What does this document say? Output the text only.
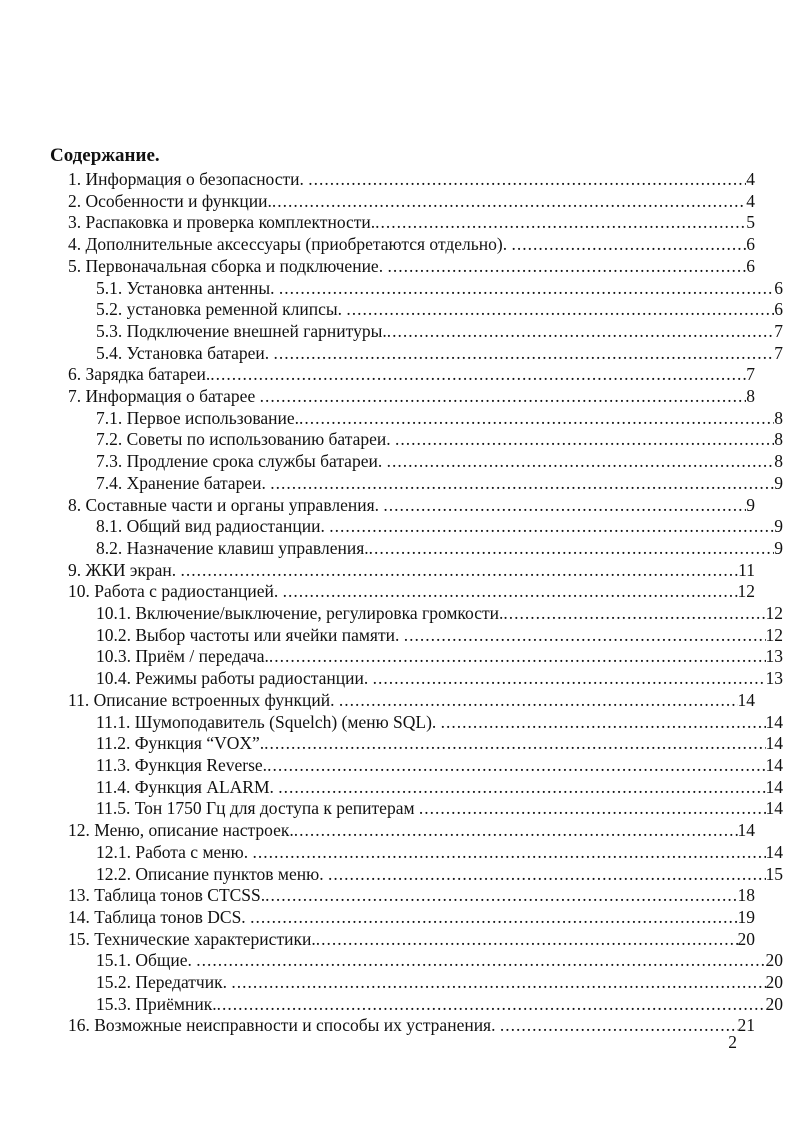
Содержание.
1. Информация о безопасности. .....	4
2. Особенности и функции. .....	4
3. Распаковка и проверка комплектности. .....	5
4. Дополнительные аксессуары (приобретаются отдельно). .....	6
5. Первоначальная сборка и подключение. .....	6
5.1. Установка антенны. .....	6
5.2. установка ременной клипсы. .....	6
5.3. Подключение внешней гарнитуры. .....	7
5.4. Установка батареи. .....	7
6. Зарядка батареи. .....	7
7. Информация о батарее .....	8
7.1. Первое использование. .....	8
7.2. Советы по использованию батареи. .....	8
7.3. Продление срока службы батареи. .....	8
7.4. Хранение батареи. .....	9
8. Составные части и органы управления. .....	9
8.1. Общий вид радиостанции. .....	9
8.2. Назначение клавиш управления. .....	9
9. ЖКИ экран. .....	11
10. Работа с радиостанцией. .....	12
10.1. Включение/выключение, регулировка громкости. .....	12
10.2. Выбор частоты или ячейки памяти. .....	12
10.3. Приём / передача. .....	13
10.4. Режимы работы радиостанции. .....	13
11. Описание встроенных функций. .....	14
11.1. Шумоподавитель (Squelch) (меню SQL). .....	14
11.2. Функция “VOX”. .....	14
11.3. Функция Reverse. .....	14
11.4. Функция ALARM. .....	14
11.5. Тон 1750 Гц для доступа к репитерам .....	14
12. Меню, описание настроек. .....	14
12.1. Работа с меню. .....	14
12.2. Описание пунктов меню. .....	15
13. Таблица тонов CTCSS. .....	18
14. Таблица тонов DCS. .....	19
15. Технические характеристики. .....	20
15.1. Общие. .....	20
15.2. Передатчик. .....	20
15.3. Приёмник. .....	20
16. Возможные неисправности и способы их устранения. .....	21
2
